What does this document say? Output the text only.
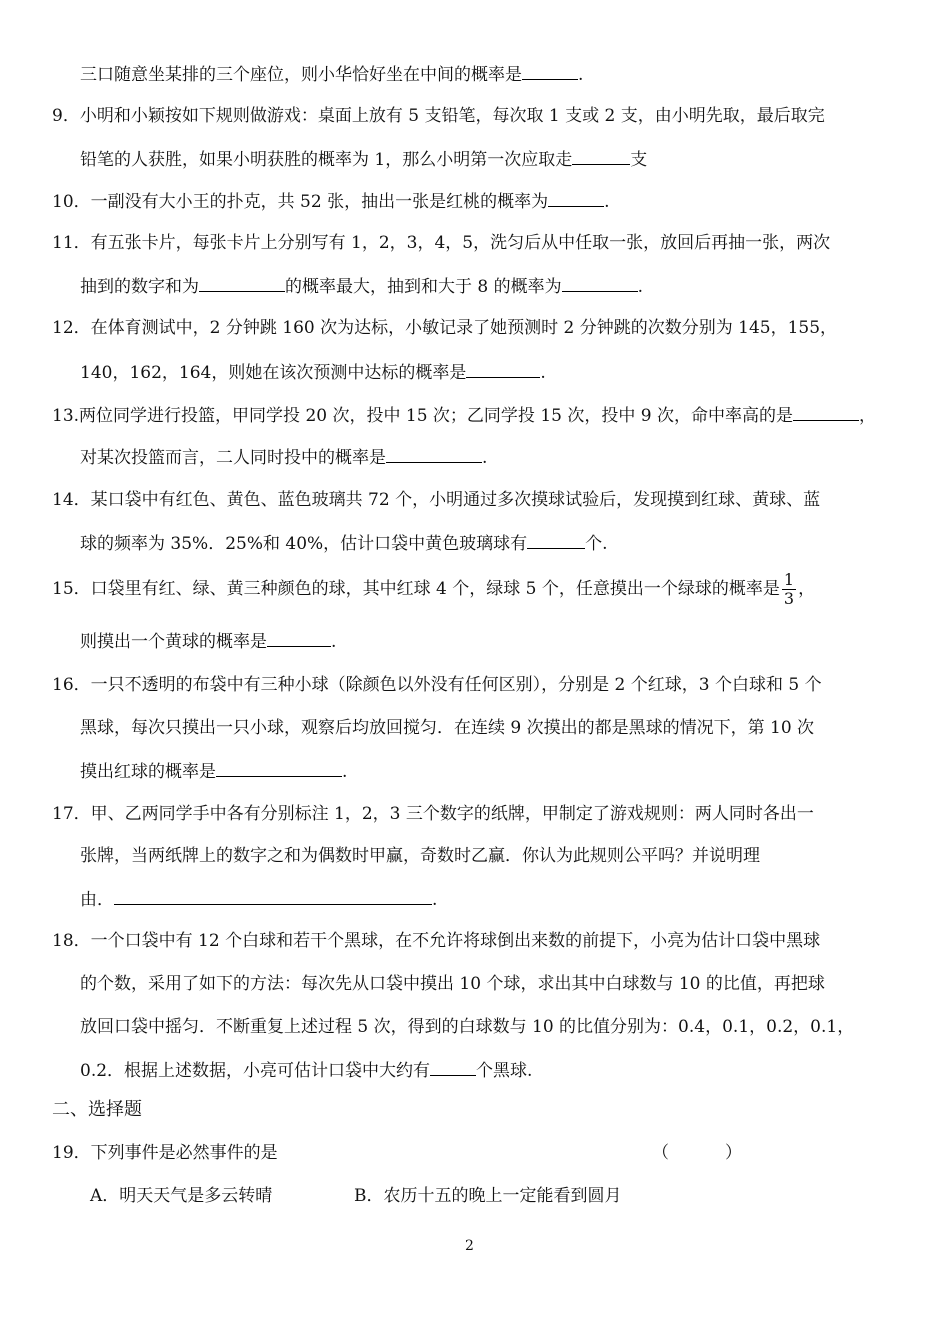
三口随意坐某排的三个座位，则小华恰好坐在中间的概率是	.
9．小明和小颖按如下规则做游戏：桌面上放有 5 支铅笔，每次取 1 支或 2 支，由小明先取，最后取完
铅笔的人获胜，如果小明获胜的概率为 1，那么小明第一次应取走	支
10．一副没有大小王的扑克，共 52 张，抽出一张是红桃的概率为	.
11．有五张卡片，每张卡片上分别写有 1，2，3，4，5，洗匀后从中任取一张，放回后再抽一张，两次
抽到的数字和为	的概率最大，抽到和大于 8 的概率为	.
12．在体育测试中，2 分钟跳 160 次为达标，小敏记录了她预测时 2 分钟跳的次数分别为 145，155，
140，162，164，则她在该次预测中达标的概率是	.
13.两位同学进行投篮，甲同学投 20 次，投中 15 次；乙同学投 15 次，投中 9 次，命中率高的是	，
对某次投篮而言，二人同时投中的概率是	.
14．某口袋中有红色、黄色、蓝色玻璃共 72 个，小明通过多次摸球试验后，发现摸到红球、黄球、蓝
球的频率为 35%．25%和 40%，估计口袋中黄色玻璃球有	个.
15．口袋里有红、绿、黄三种颜色的球，其中红球 4 个，绿球 5 个，任意摸出一个绿球的概率是 $\frac{1}{3}$ ，
则摸出一个黄球的概率是	.
16．一只不透明的布袋中有三种小球（除颜色以外没有任何区别），分别是 2 个红球，3 个白球和 5 个
黑球，每次只摸出一只小球，观察后均放回搅匀．在连续 9 次摸出的都是黑球的情况下，第 10 次
摸出红球的概率是	.
17．甲、乙两同学手中各有分别标注 1，2，3 三个数字的纸牌，甲制定了游戏规则：两人同时各出一
张牌，当两纸牌上的数字之和为偶数时甲赢，奇数时乙赢．你认为此规则公平吗？并说明理
由．	.
18．一个口袋中有 12 个白球和若干个黑球，在不允许将球倒出来数的前提下，小亮为估计口袋中黑球
的个数，采用了如下的方法：每次先从口袋中摸出 10 个球，求出其中白球数与 10 的比值，再把球
放回口袋中摇匀．不断重复上述过程 5 次，得到的白球数与 10 的比值分别为：0.4，0.1，0.2，0.1，
0.2．根据上述数据，小亮可估计口袋中大约有	个黑球.
二、选择题
19．下列事件是必然事件的是	（	）
A．明天天气是多云转晴	B．农历十五的晚上一定能看到圆月
2
